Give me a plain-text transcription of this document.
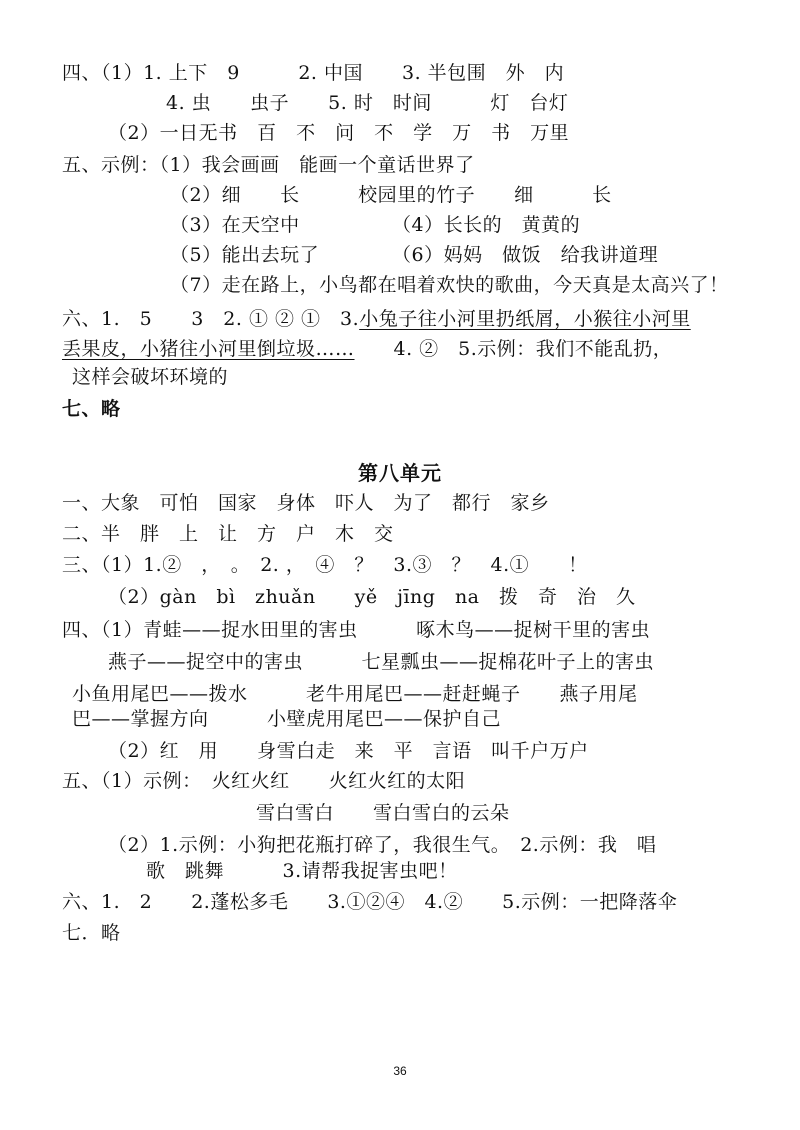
四、（1）1. 上下　9　　　2. 中国　　3. 半包围　外　内
4. 虫　　虫子　　5. 时　时间　　　灯　台灯
（2）一日无书　百　不　问　不　学　万　书　万里
五、示例：（1）我会画画　能画一个童话世界了
（2）细　　长　　　校园里的竹子　　细　　　长
（3）在天空中	（4）长长的　黄黄的
（5）能出去玩了	（6）妈妈　做饭　给我讲道理
（7）走在路上，小鸟都在唱着欢快的歌曲，今天真是太高兴了！
六、1.　5　　3　2. ① ② ①　3.小兔子往小河里扔纸屑，小猴往小河里
丢果皮，小猪往小河里倒垃圾……　　4. ②　5.示例：我们不能乱扔，
这样会破坏环境的
七、略
第八单元
一、大象　可怕　国家　身体　吓人　为了　都行　家乡
二、半　胖　上　让　方　户　木　交
三、（1）1.②　，　。　2. ，　④　？　3.③　？　4.①　　！
（2）gàn　bì　zhuǎn　　yě　jīng　na　拨　奇　治　久
四、（1）青蛙——捉水田里的害虫　　　啄木鸟——捉树干里的害虫
燕子——捉空中的害虫　　　七星瓢虫——捉棉花叶子上的害虫
小鱼用尾巴——拨水　　　老牛用尾巴——赶赶蝇子　　燕子用尾
巴——掌握方向　　　小壁虎用尾巴——保护自己
（2）红　用　　身雪白走　来　平　言语　叫千户万户
五、（1）示例：　火红火红　　火红火红的太阳
雪白雪白　　雪白雪白的云朵
（2）1.示例：小狗把花瓶打碎了，我很生气。　2.示例：我　唱
歌　跳舞　　　3.请帮我捉害虫吧！
六、1.　2　　2.蓬松多毛　　3.①②④　4.②　　5.示例：一把降落伞
七．略
36
